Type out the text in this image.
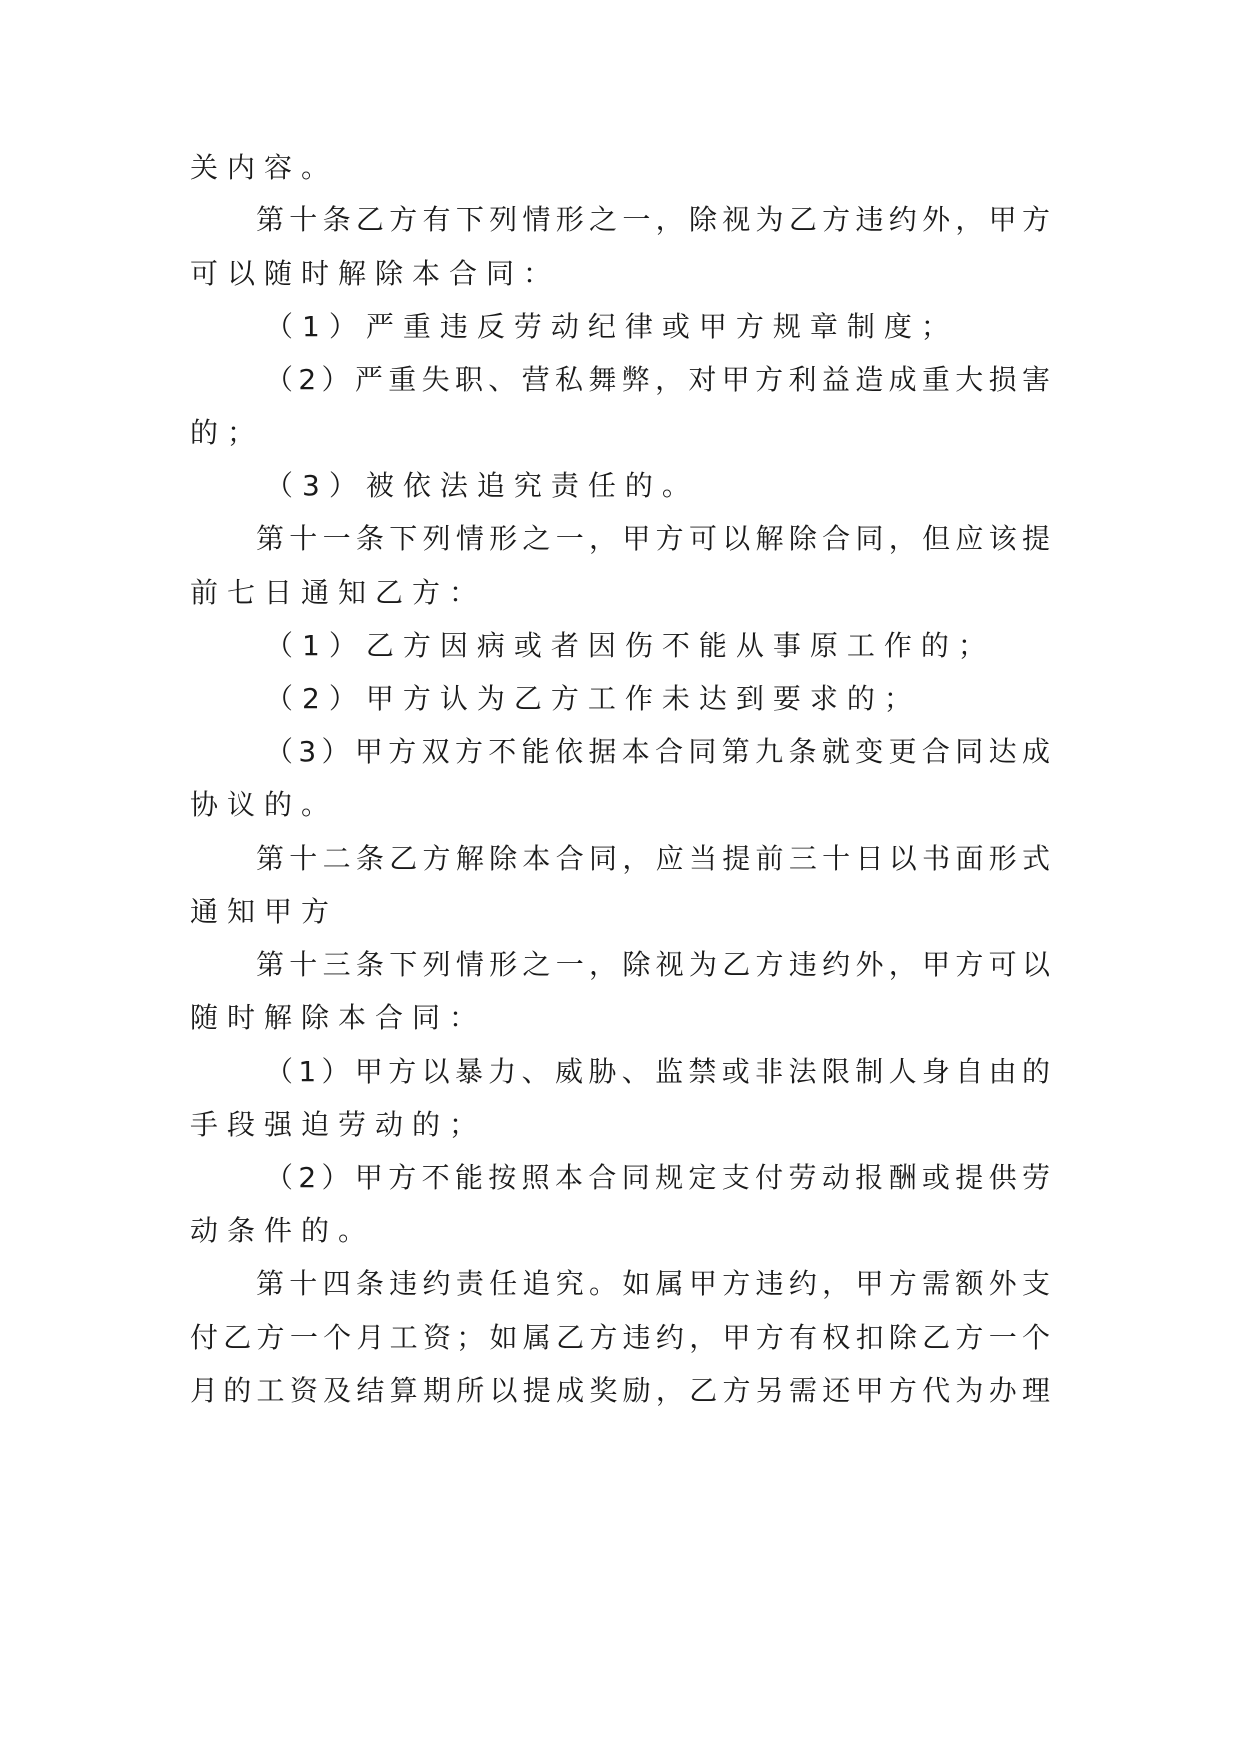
关内容。
第十条乙方有下列情形之一，除视为乙方违约外，甲方
可以随时解除本合同：
（1）严重违反劳动纪律或甲方规章制度；
（2）严重失职、营私舞弊，对甲方利益造成重大损害
的；
（3）被依法追究责任的。
第十一条下列情形之一，甲方可以解除合同，但应该提
前七日通知乙方：
（1）乙方因病或者因伤不能从事原工作的；
（2）甲方认为乙方工作未达到要求的；
（3）甲方双方不能依据本合同第九条就变更合同达成
协议的。
第十二条乙方解除本合同，应当提前三十日以书面形式
通知甲方
第十三条下列情形之一，除视为乙方违约外，甲方可以
随时解除本合同：
（1）甲方以暴力、威胁、监禁或非法限制人身自由的
手段强迫劳动的；
（2）甲方不能按照本合同规定支付劳动报酬或提供劳
动条件的。
第十四条违约责任追究。如属甲方违约，甲方需额外支
付乙方一个月工资；如属乙方违约，甲方有权扣除乙方一个
月的工资及结算期所以提成奖励，乙方另需还甲方代为办理
